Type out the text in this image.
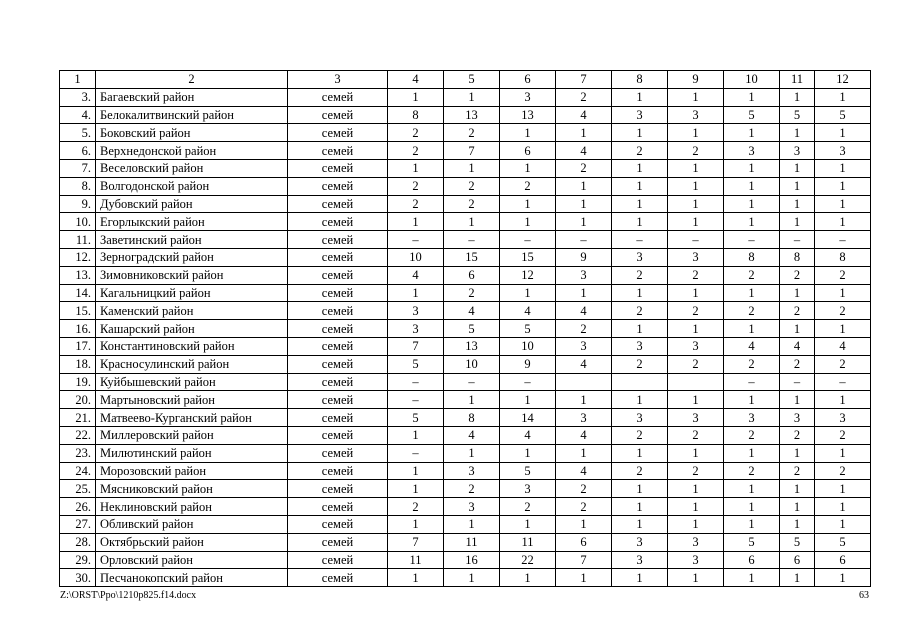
1	2	3	4	5	6	7	8	9	10	11	12
3.	Багаевский район	семей	1	1	3	2	1	1	1	1	1
4.	Белокалитвинский район	семей	8	13	13	4	3	3	5	5	5
5.	Боковский район	семей	2	2	1	1	1	1	1	1	1
6.	Верхнедонской район	семей	2	7	6	4	2	2	3	3	3
7.	Веселовский район	семей	1	1	1	2	1	1	1	1	1
8.	Волгодонской район	семей	2	2	2	1	1	1	1	1	1
9.	Дубовский район	семей	2	2	1	1	1	1	1	1	1
10.	Егорлыкский район	семей	1	1	1	1	1	1	1	1	1
11.	Заветинский район	семей	–	–	–	–	–	–	–	–	–
12.	Зерноградский район	семей	10	15	15	9	3	3	8	8	8
13.	Зимовниковский район	семей	4	6	12	3	2	2	2	2	2
14.	Кагальницкий район	семей	1	2	1	1	1	1	1	1	1
15.	Каменский район	семей	3	4	4	4	2	2	2	2	2
16.	Кашарский район	семей	3	5	5	2	1	1	1	1	1
17.	Константиновский район	семей	7	13	10	3	3	3	4	4	4
18.	Красносулинский район	семей	5	10	9	4	2	2	2	2	2
19.	Куйбышевский район	семей	–	–	–				–	–	–
20.	Мартыновский район	семей	–	1	1	1	1	1	1	1	1
21.	Матвеево-Курганский район	семей	5	8	14	3	3	3	3	3	3
22.	Миллеровский район	семей	1	4	4	4	2	2	2	2	2
23.	Милютинский район	семей	–	1	1	1	1	1	1	1	1
24.	Морозовский район	семей	1	3	5	4	2	2	2	2	2
25.	Мясниковский район	семей	1	2	3	2	1	1	1	1	1
26.	Неклиновский район	семей	2	3	2	2	1	1	1	1	1
27.	Обливский район	семей	1	1	1	1	1	1	1	1	1
28.	Октябрьский район	семей	7	11	11	6	3	3	5	5	5
29.	Орловский район	семей	11	16	22	7	3	3	6	6	6
30.	Песчанокопский район	семей	1	1	1	1	1	1	1	1	1
Z:\ORST\Ppo\1210p825.f14.docx	63
